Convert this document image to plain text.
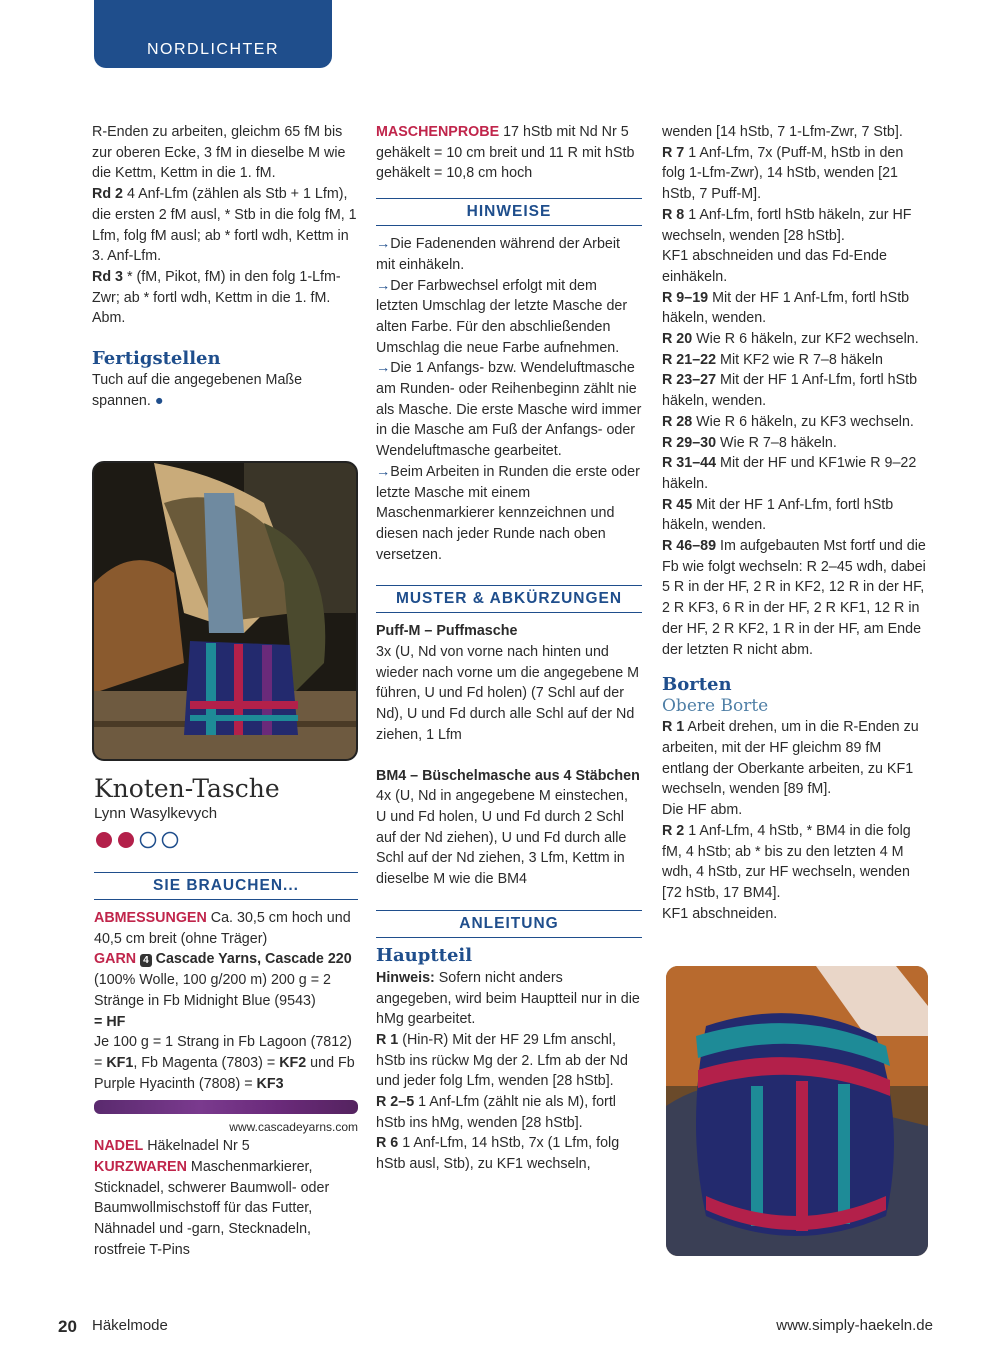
NORDLICHTER

R-Enden zu arbeiten, gleichm 65 fM bis zur oberen Ecke, 3 fM in dieselbe M wie die Kettm, Kettm in die 1. fM.

Rd 2 4 Anf-Lfm (zählen als Stb + 1 Lfm), die ersten 2 fM ausl, * Stb in die folg fM, 1 Lfm, folg fM ausl; ab * fortl wdh, Kettm in 3. Anf-Lfm.

Rd 3 * (fM, Pikot, fM) in den folg 1-Lfm-Zwr; ab * fortl wdh, Kettm in die 1. fM. Abm.

Fertigstellen

Tuch auf die angegebenen Maße spannen. ●

Knoten-Tasche
Lynn Wasylkevych
SIE BRAUCHEN...

ABMESSUNGEN Ca. 30,5 cm hoch und 40,5 cm breit (ohne Träger)

GARN 4 Cascade Yarns, Cascade 220 (100% Wolle, 100 g/200 m) 200 g = 2 Stränge in Fb Midnight Blue (9543)

= HF

Je 100 g = 1 Strang in Fb Lagoon (7812) = KF1, Fb Magenta (7803) = KF2 und Fb Purple Hyacinth (7808) = KF3

www.cascadeyarns.com

NADEL Häkelnadel Nr 5

KURZWAREN Maschenmarkierer, Sticknadel, schwerer Baumwoll- oder Baumwollmischstoff für das Futter, Nähnadel und -garn, Stecknadeln, rostfreie T-Pins

MASCHENPROBE 17 hStb mit Nd Nr 5 gehäkelt = 10 cm breit und 11 R mit hStb gehäkelt = 10,8 cm hoch

HINWEISE

→ Die Fadenenden während der Arbeit mit einhäkeln.

→ Der Farbwechsel erfolgt mit dem letzten Umschlag der letzte Masche der alten Farbe. Für den abschließenden Umschlag die neue Farbe aufnehmen.

→ Die 1 Anfangs- bzw. Wendeluftmasche am Runden- oder Reihenbeginn zählt nie als Masche. Die erste Masche wird immer in die Masche am Fuß der Anfangs- oder Wendeluftmasche gearbeitet.

→ Beim Arbeiten in Runden die erste oder letzte Masche mit einem Maschenmarkierer kennzeichnen und diesen nach jeder Runde nach oben versetzen.

MUSTER & ABKÜRZUNGEN

Puff-M – Puffmasche

3x (U, Nd von vorne nach hinten und wieder nach vorne um die angegebene M führen, U und Fd holen) (7 Schl auf der Nd), U und Fd durch alle Schl auf der Nd ziehen, 1 Lfm

BM4 – Büschelmasche aus 4 Stäbchen

4x (U, Nd in angegebene M einstechen, U und Fd holen, U und Fd durch 2 Schl auf der Nd ziehen), U und Fd durch alle Schl auf der Nd ziehen, 3 Lfm, Kettm in dieselbe M wie die BM4

ANLEITUNG
Hauptteil

Hinweis: Sofern nicht anders angegeben, wird beim Hauptteil nur in die hMg gearbeitet.

R 1 (Hin-R) Mit der HF 29 Lfm anschl, hStb ins rückw Mg der 2. Lfm ab der Nd und jeder folg Lfm, wenden [28 hStb].

R 2–5 1 Anf-Lfm (zählt nie als M), fortl hStb ins hMg, wenden [28 hStb].

R 6 1 Anf-Lfm, 14 hStb, 7x (1 Lfm, folg hStb ausl, Stb), zu KF1 wechseln,

wenden [14 hStb, 7 1-Lfm-Zwr, 7 Stb].

R 7 1 Anf-Lfm, 7x (Puff-M, hStb in den folg 1-Lfm-Zwr), 14 hStb, wenden [21 hStb, 7 Puff-M].

R 8 1 Anf-Lfm, fortl hStb häkeln, zur HF wechseln, wenden [28 hStb].

KF1 abschneiden und das Fd-Ende einhäkeln.

R 9–19 Mit der HF 1 Anf-Lfm, fortl hStb häkeln, wenden.

R 20 Wie R 6 häkeln, zur KF2 wechseln.

R 21–22 Mit KF2 wie R 7–8 häkeln

R 23–27 Mit der HF 1 Anf-Lfm, fortl hStb häkeln, wenden.

R 28 Wie R 6 häkeln, zu KF3 wechseln.

R 29–30 Wie R 7–8 häkeln.

R 31–44 Mit der HF und KF1wie R 9–22 häkeln.

R 45 Mit der HF 1 Anf-Lfm, fortl hStb häkeln, wenden.

R 46–89 Im aufgebauten Mst fortf und die Fb wie folgt wechseln: R 2–45 wdh, dabei 5 R in der HF, 2 R in KF2, 12 R in der HF, 2 R KF3, 6 R in der HF, 2 R KF1, 12 R in der HF, 2 R KF2, 1 R in der HF, am Ende der letzten R nicht abm.

Borten
Obere Borte

R 1 Arbeit drehen, um in die R-Enden zu arbeiten, mit der HF gleichm 89 fM entlang der Oberkante arbeiten, zu KF1 wechseln, wenden [89 fM].

Die HF abm.

R 2 1 Anf-Lfm, 4 hStb, * BM4 in die folg fM, 4 hStb; ab * bis zu den letzten 4 M wdh, 4 hStb, zur HF wechseln, wenden [72 hStb, 17 BM4].

KF1 abschneiden.

20 Häkelmode	www.simply-haekeln.de
